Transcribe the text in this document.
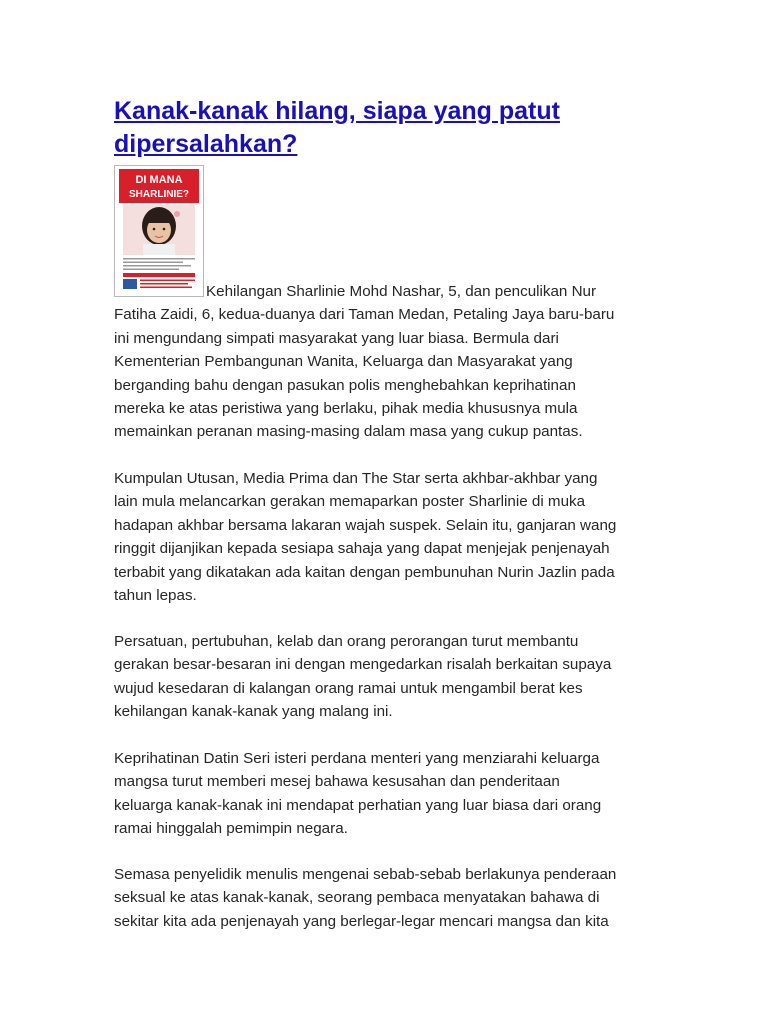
Kanak-kanak hilang, siapa yang patut
dipersalahkan?
DI MANA
SHARLINIE?

Kehilangan Sharlinie Mohd Nashar, 5, dan penculikan Nur
Fatiha Zaidi, 6, kedua-duanya dari Taman Medan, Petaling Jaya baru-baru
ini mengundang simpati masyarakat yang luar biasa. Bermula dari
Kementerian Pembangunan Wanita, Keluarga dan Masyarakat yang
berganding bahu dengan pasukan polis menghebahkan keprihatinan
mereka ke atas peristiwa yang berlaku, pihak media khususnya mula
memainkan peranan masing-masing dalam masa yang cukup pantas.

Kumpulan Utusan, Media Prima dan The Star serta akhbar-akhbar yang
lain mula melancarkan gerakan memaparkan poster Sharlinie di muka
hadapan akhbar bersama lakaran wajah suspek. Selain itu, ganjaran wang
ringgit dijanjikan kepada sesiapa sahaja yang dapat menjejak penjenayah
terbabit yang dikatakan ada kaitan dengan pembunuhan Nurin Jazlin pada
tahun lepas.

Persatuan, pertubuhan, kelab dan orang perorangan turut membantu
gerakan besar-besaran ini dengan mengedarkan risalah berkaitan supaya
wujud kesedaran di kalangan orang ramai untuk mengambil berat kes
kehilangan kanak-kanak yang malang ini.

Keprihatinan Datin Seri isteri perdana menteri yang menziarahi keluarga
mangsa turut memberi mesej bahawa kesusahan dan penderitaan
keluarga kanak-kanak ini mendapat perhatian yang luar biasa dari orang
ramai hinggalah pemimpin negara.

Semasa penyelidik menulis mengenai sebab-sebab berlakunya penderaan
seksual ke atas kanak-kanak, seorang pembaca menyatakan bahawa di
sekitar kita ada penjenayah yang berlegar-legar mencari mangsa dan kita
